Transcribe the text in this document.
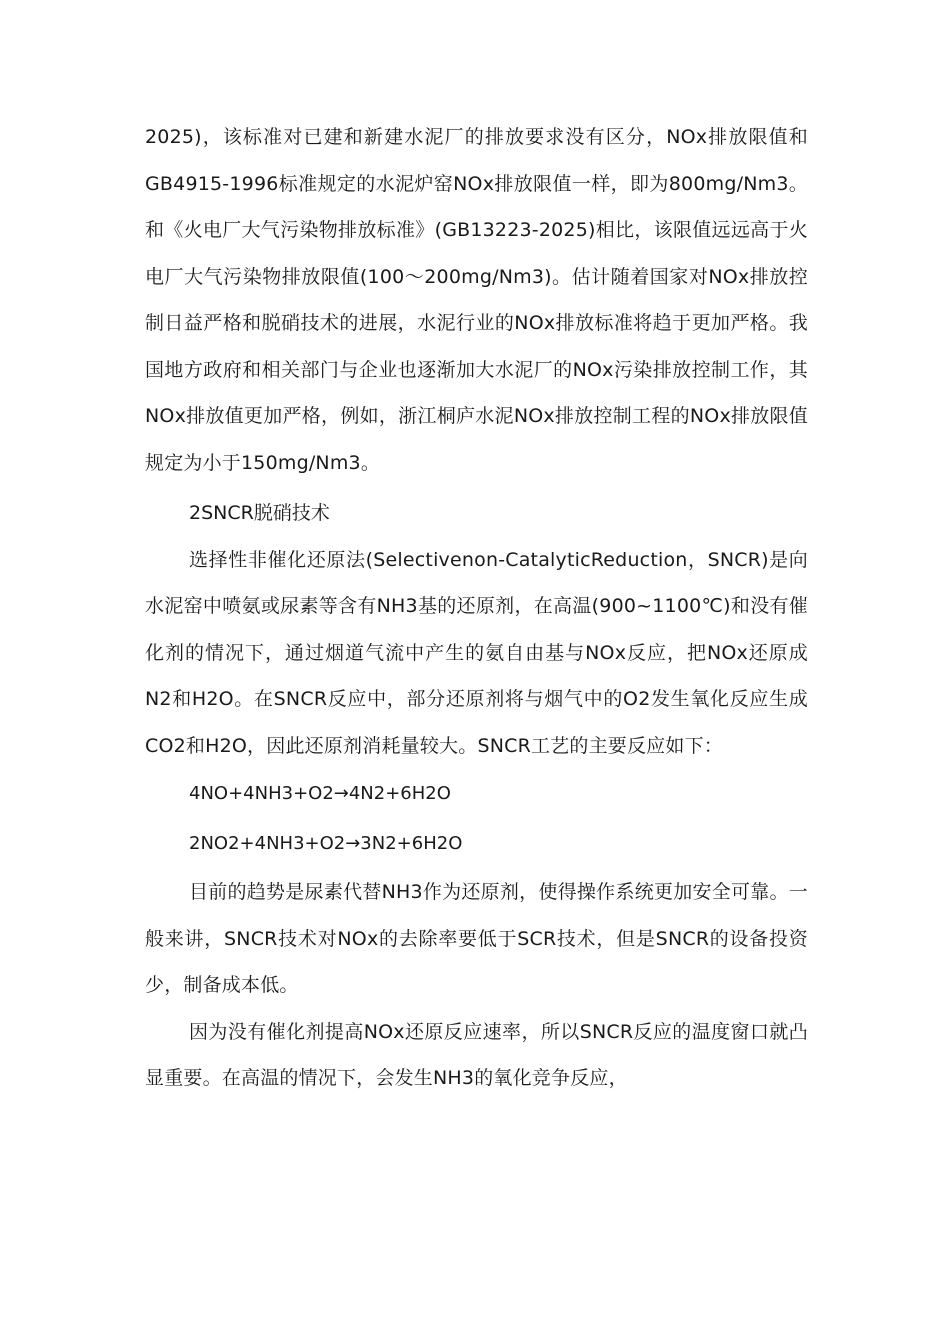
2025)，该标准对已建和新建水泥厂的排放要求没有区分，NOx排放限值和GB4915-1996标准规定的水泥炉窑NOx排放限值一样，即为800mg/Nm3。和《火电厂大气污染物排放标准》(GB13223-2025)相比，该限值远远高于火电厂大气污染物排放限值(100～200mg/Nm3)。估计随着国家对NOx排放控制日益严格和脱硝技术的进展，水泥行业的NOx排放标准将趋于更加严格。我国地方政府和相关部门与企业也逐渐加大水泥厂的NOx污染排放控制工作，其NOx排放值更加严格，例如，浙江桐庐水泥NOx排放控制工程的NOx排放限值规定为小于150mg/Nm3。

2SNCR脱硝技术

选择性非催化还原法(Selectivenon-CatalyticReduction，SNCR)是向水泥窑中喷氨或尿素等含有NH3基的还原剂，在高温(900~1100℃)和没有催化剂的情况下，通过烟道气流中产生的氨自由基与NOx反应，把NOx还原成N2和H2O。在SNCR反应中，部分还原剂将与烟气中的O2发生氧化反应生成CO2和H2O，因此还原剂消耗量较大。SNCR工艺的主要反应如下：

4NO+4NH3+O2→4N2+6H2O

2NO2+4NH3+O2→3N2+6H2O

目前的趋势是尿素代替NH3作为还原剂，使得操作系统更加安全可靠。一般来讲，SNCR技术对NOx的去除率要低于SCR技术，但是SNCR的设备投资少，制备成本低。

因为没有催化剂提高NOx还原反应速率，所以SNCR反应的温度窗口就凸显重要。在高温的情况下，会发生NH3的氧化竞争反应，
